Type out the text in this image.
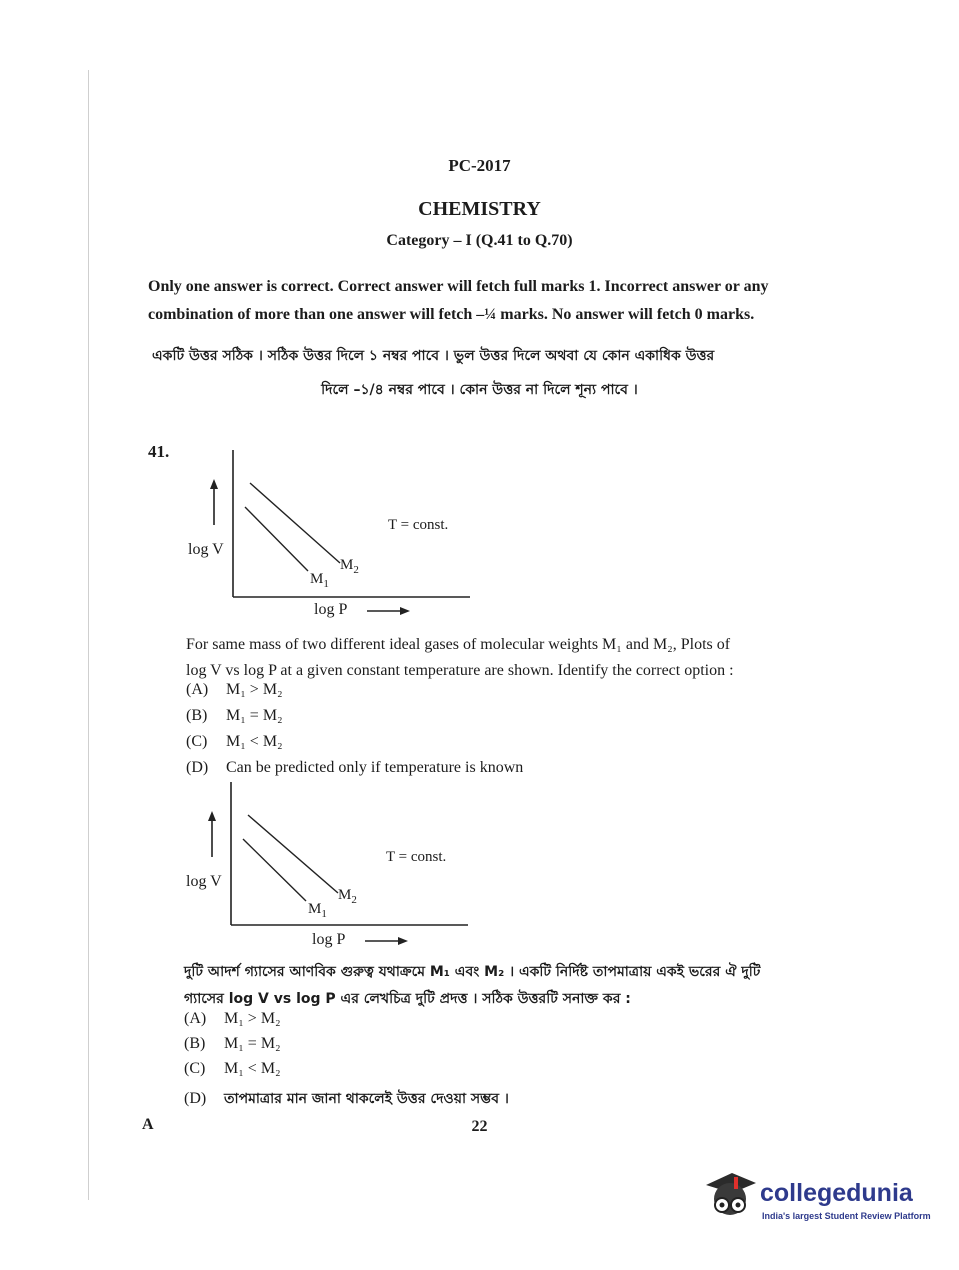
PC-2017
CHEMISTRY
Category – I (Q.41 to Q.70)
Only one answer is correct. Correct answer will fetch full marks 1. Incorrect answer or any
combination of more than one answer will fetch –¼ marks. No answer will fetch 0 marks.
একটি উত্তর সঠিক । সঠিক উত্তর দিলে ১ নম্বর পাবে । ভুল উত্তর দিলে অথবা যে কোন একাধিক উত্তর
দিলে –১/৪ নম্বর পাবে । কোন উত্তর না দিলে শূন্য পাবে ।
41.
log V
log P
T = const.
$M_2$
$M_1$
For same mass of two different ideal gases of molecular weights M₁ and M₂, Plots of
log V vs log P at a given constant temperature are shown. Identify the correct option :
(A) M₁ > M₂
(B) M₁ = M₂
(C) M₁ < M₂
(D) Can be predicted only if temperature is known
log V
log P
T = const.
$M_2$
$M_1$
দুটি আদর্শ গ্যাসের আণবিক গুরুত্ব যথাক্রমে M₁ এবং M₂ । একটি নির্দিষ্ট তাপমাত্রায় একই ভরের ঐ দুটি
গ্যাসের log V vs log P এর লেখচিত্র দুটি প্রদত্ত । সঠিক উত্তরটি সনাক্ত কর :
(A) M₁ > M₂
(B) M₁ = M₂
(C) M₁ < M₂
(D) তাপমাত্রার মান জানা থাকলেই উত্তর দেওয়া সম্ভব ।
A	22
collegedunia
India's largest Student Review Platform
